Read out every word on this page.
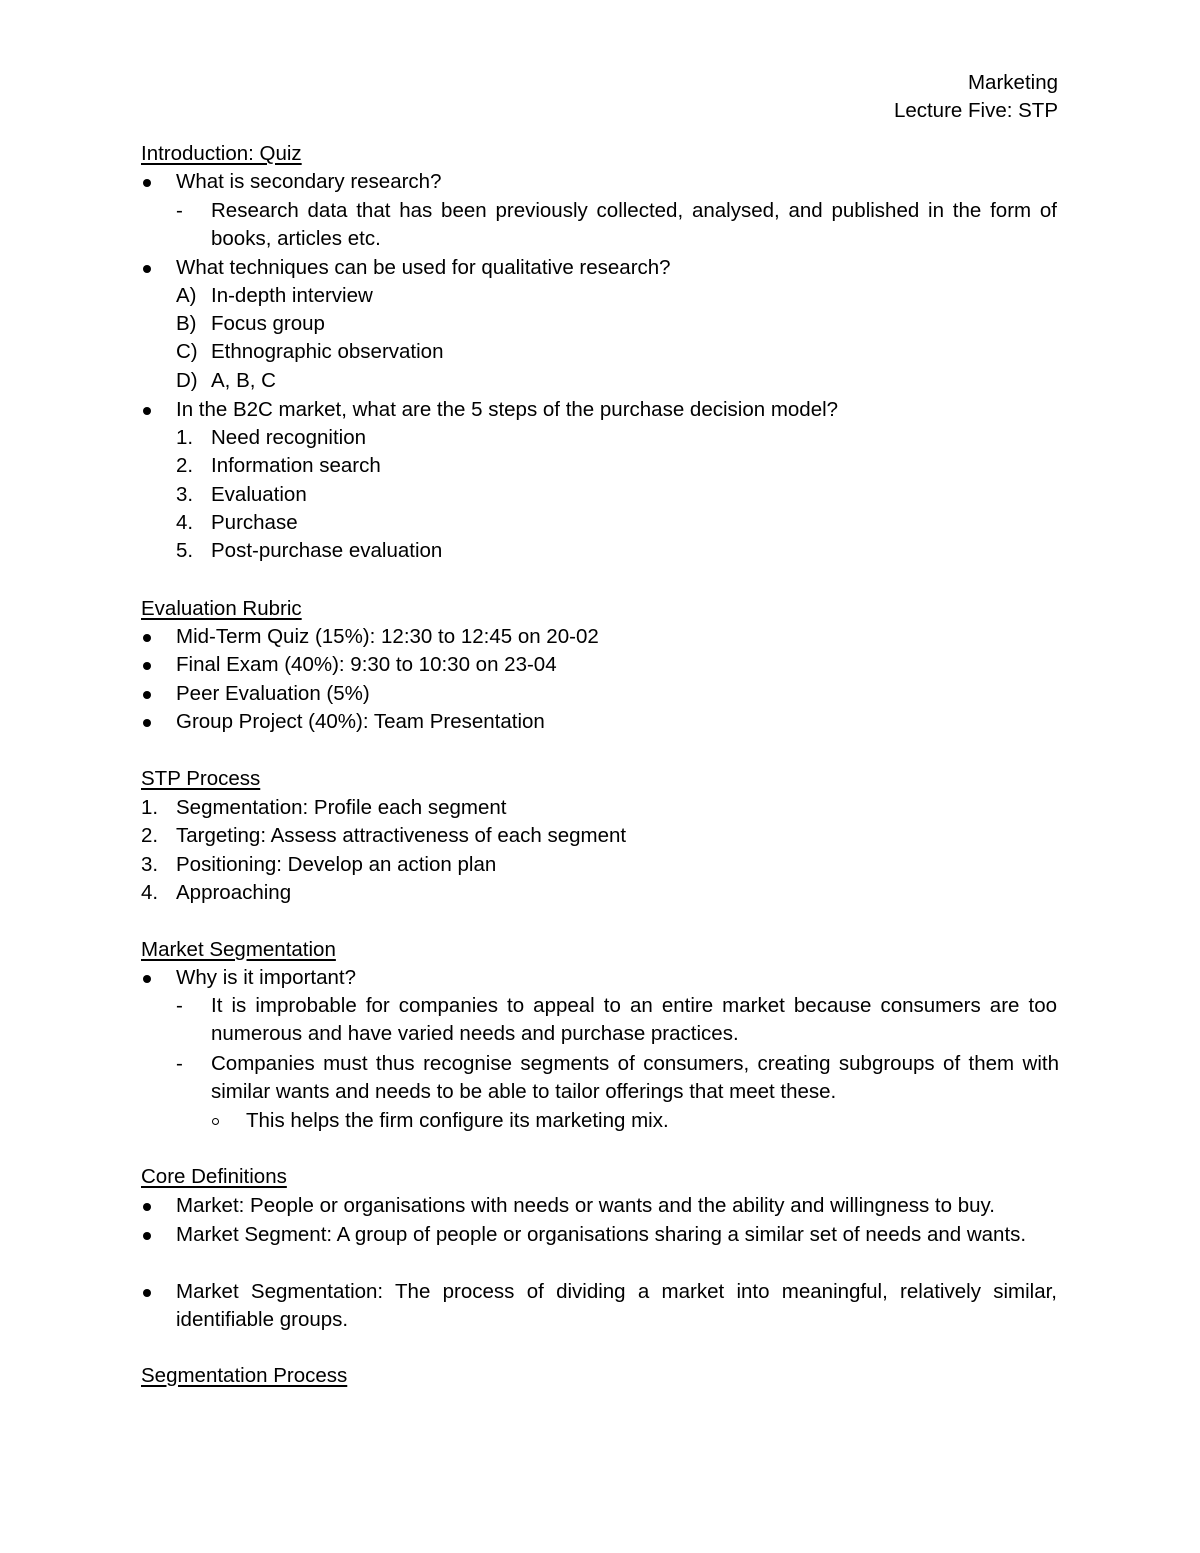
Marketing
Lecture Five: STP
Introduction: Quiz
What is secondary research?
- Research data that has been previously collected, analysed, and published in the form of books, articles etc.
What techniques can be used for qualitative research?
A) In-depth interview
B) Focus group
C) Ethnographic observation
D) A, B, C
In the B2C market, what are the 5 steps of the purchase decision model?
1. Need recognition
2. Information search
3. Evaluation
4. Purchase
5. Post-purchase evaluation
Evaluation Rubric
Mid-Term Quiz (15%): 12:30 to 12:45 on 20-02
Final Exam (40%): 9:30 to 10:30 on 23-04
Peer Evaluation (5%)
Group Project (40%): Team Presentation
STP Process
1. Segmentation: Profile each segment
2. Targeting: Assess attractiveness of each segment
3. Positioning: Develop an action plan
4. Approaching
Market Segmentation
Why is it important?
- It is improbable for companies to appeal to an entire market because consumers are too numerous and have varied needs and purchase practices.
- Companies must thus recognise segments of consumers, creating subgroups of them with similar wants and needs to be able to tailor offerings that meet these.
This helps the firm configure its marketing mix.
Core Definitions
Market: People or organisations with needs or wants and the ability and willingness to buy.
Market Segment: A group of people or organisations sharing a similar set of needs and wants.
Market Segmentation: The process of dividing a market into meaningful, relatively similar, identifiable groups.
Segmentation Process
